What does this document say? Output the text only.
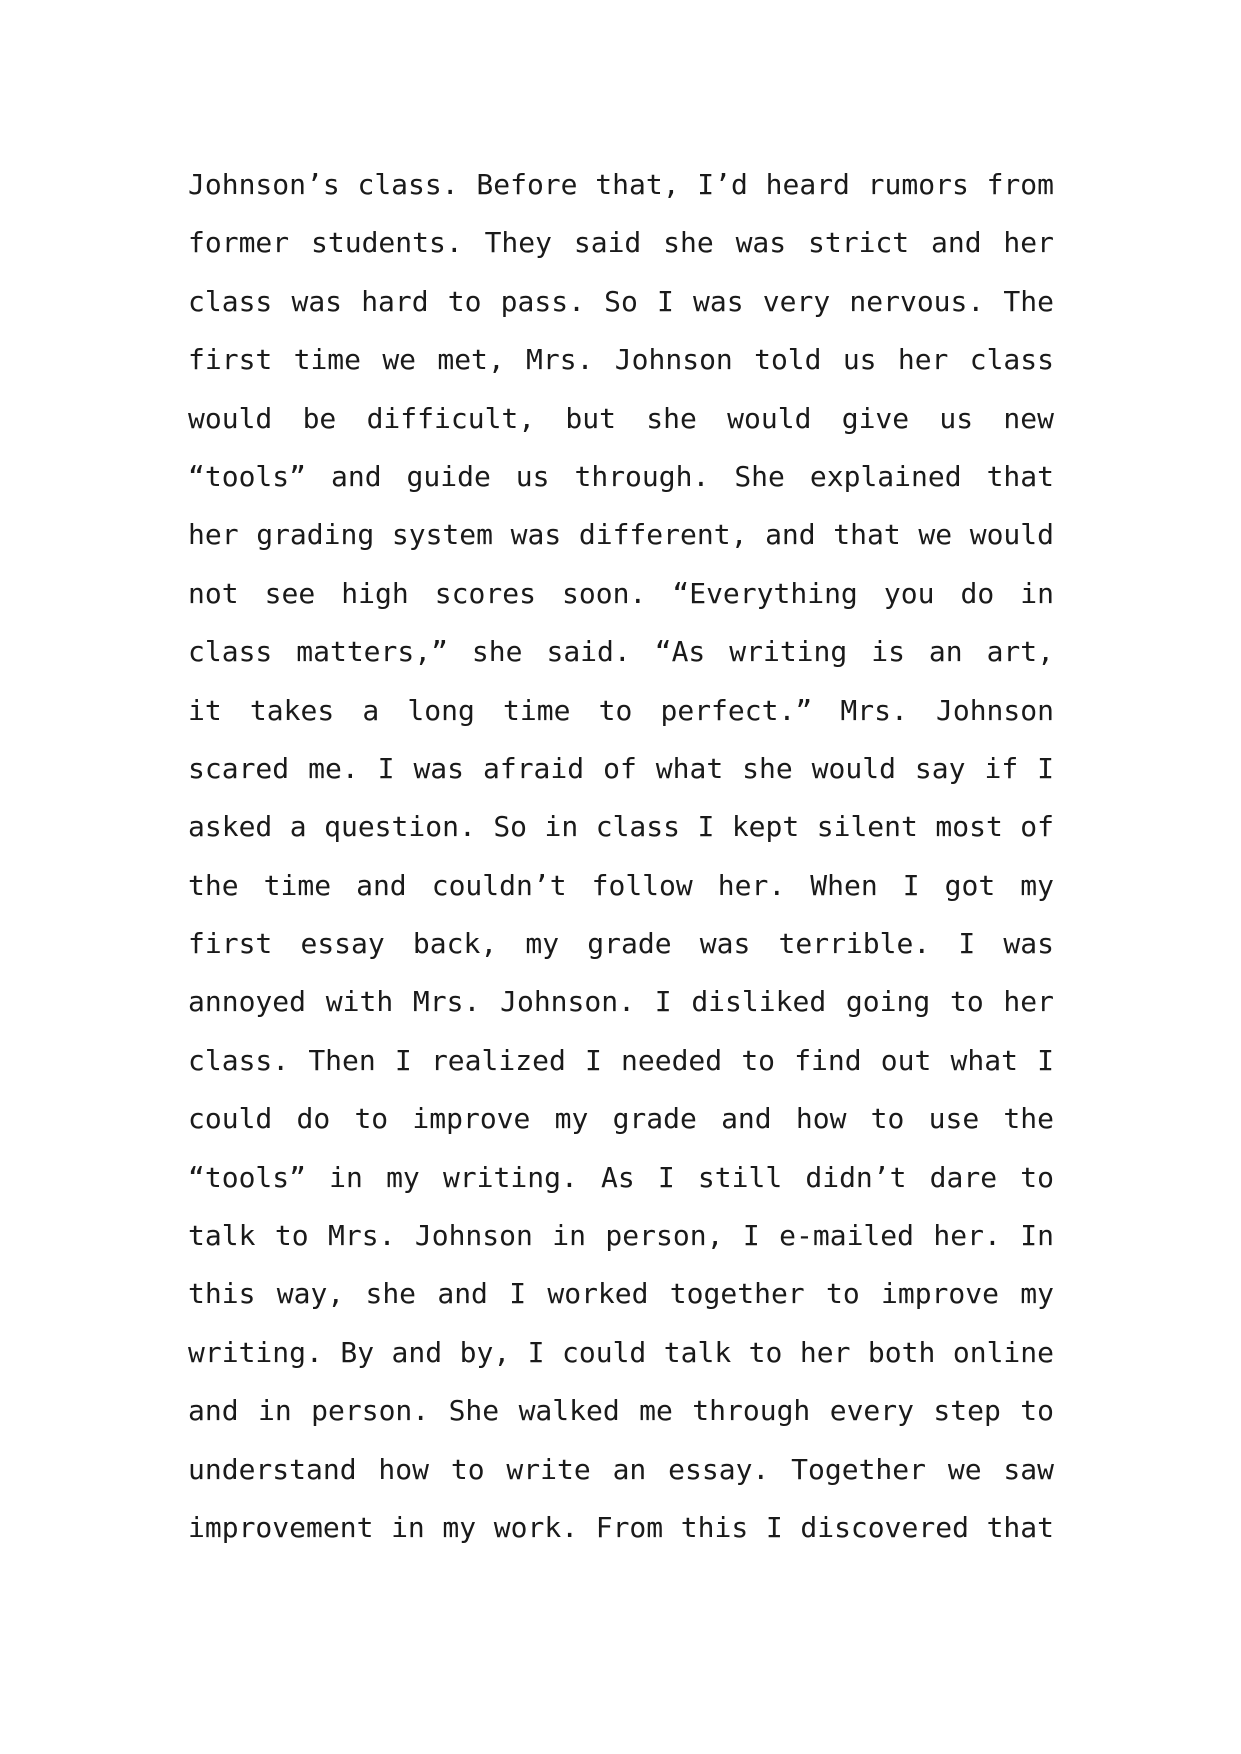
Johnson’s class. Before that, I’d heard rumors from
former students. They said she was strict and her
class was hard to pass. So I was very nervous. The
first time we met, Mrs. Johnson told us her class
would be difficult, but she would give us new
“tools” and guide us through. She explained that
her grading system was different, and that we would
not see high scores soon. “Everything you do in
class matters,” she said. “As writing is an art,
it takes a long time to perfect.” Mrs. Johnson
scared me. I was afraid of what she would say if I
asked a question. So in class I kept silent most of
the time and couldn’t follow her. When I got my
first essay back, my grade was terrible. I was
annoyed with Mrs. Johnson. I disliked going to her
class. Then I realized I needed to find out what I
could do to improve my grade and how to use the
“tools” in my writing. As I still didn’t dare to
talk to Mrs. Johnson in person, I e-mailed her. In
this way, she and I worked together to improve my
writing. By and by, I could talk to her both online
and in person. She walked me through every step to
understand how to write an essay. Together we saw
improvement in my work. From this I discovered that
